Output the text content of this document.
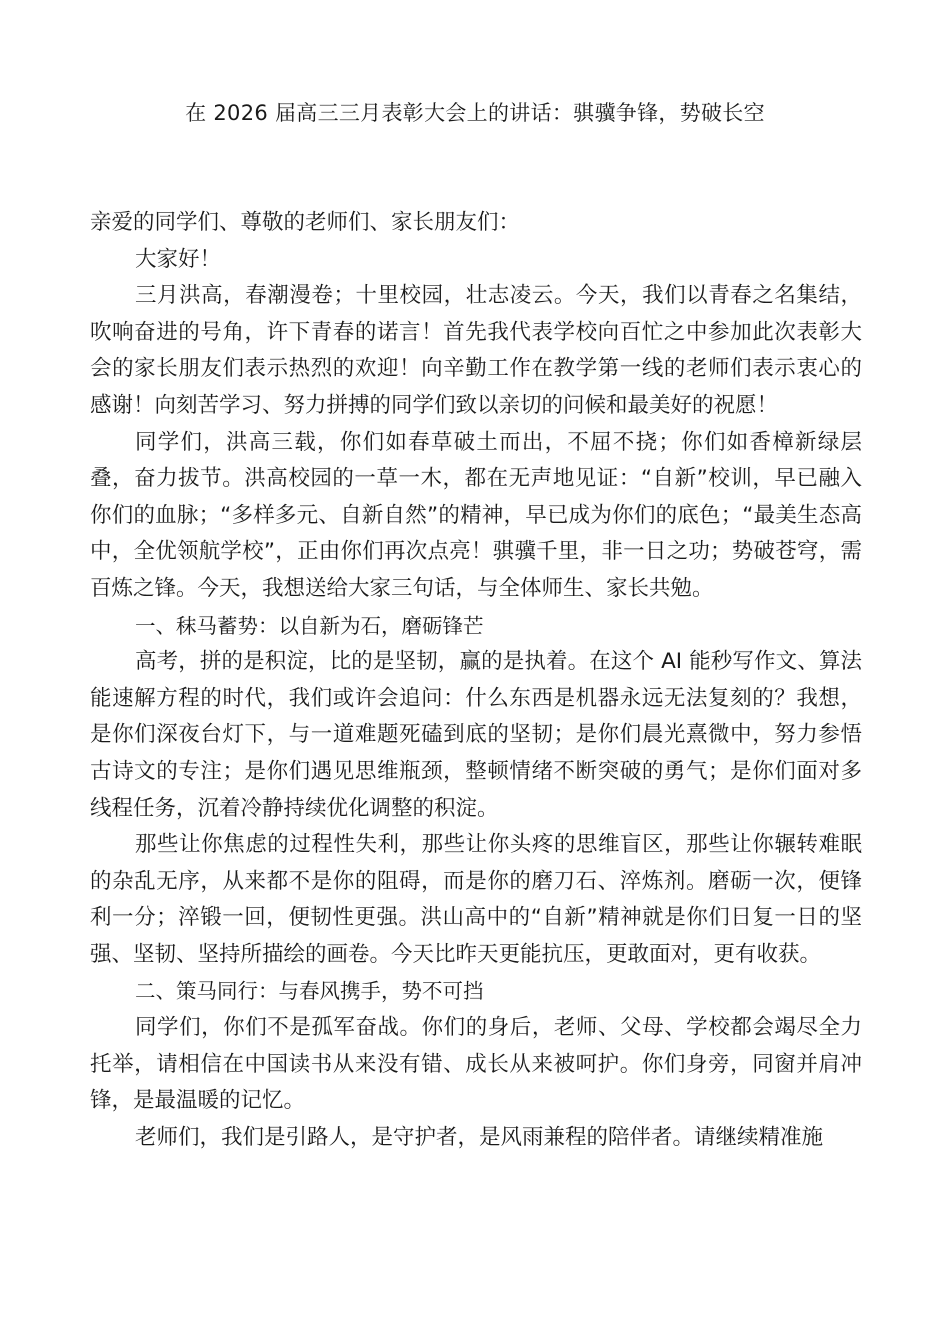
在 2026 届高三三月表彰大会上的讲话：骐骥争锋，势破长空

亲爱的同学们、尊敬的老师们、家长朋友们：

大家好！

三月洪高，春潮漫卷；十里校园，壮志凌云。今天，我们以青春之名集结，吹响奋进的号角，许下青春的诺言！首先我代表学校向百忙之中参加此次表彰大会的家长朋友们表示热烈的欢迎！向辛勤工作在教学第一线的老师们表示衷心的感谢！向刻苦学习、努力拼搏的同学们致以亲切的问候和最美好的祝愿！

同学们，洪高三载，你们如春草破土而出，不屈不挠；你们如香樟新绿层叠，奋力拔节。洪高校园的一草一木，都在无声地见证：“自新”校训，早已融入你们的血脉；“多样多元、自新自然”的精神，早已成为你们的底色；“最美生态高中，全优领航学校”，正由你们再次点亮！骐骥千里，非一日之功；势破苍穹，需百炼之锋。今天，我想送给大家三句话，与全体师生、家长共勉。

一、秣马蓄势：以自新为石，磨砺锋芒

高考，拼的是积淀，比的是坚韧，赢的是执着。在这个 AI 能秒写作文、算法能速解方程的时代，我们或许会追问：什么东西是机器永远无法复刻的？我想，是你们深夜台灯下，与一道难题死磕到底的坚韧；是你们晨光熹微中，努力参悟古诗文的专注；是你们遇见思维瓶颈，整顿情绪不断突破的勇气；是你们面对多线程任务，沉着冷静持续优化调整的积淀。

那些让你焦虑的过程性失利，那些让你头疼的思维盲区，那些让你辗转难眠的杂乱无序，从来都不是你的阻碍，而是你的磨刀石、淬炼剂。磨砺一次，便锋利一分；淬锻一回，便韧性更强。洪山高中的“自新”精神就是你们日复一日的坚强、坚韧、坚持所描绘的画卷。今天比昨天更能抗压，更敢面对，更有收获。

二、策马同行：与春风携手，势不可挡

同学们，你们不是孤军奋战。你们的身后，老师、父母、学校都会竭尽全力托举，请相信在中国读书从来没有错、成长从来被呵护。你们身旁，同窗并肩冲锋，是最温暖的记忆。

老师们，我们是引路人，是守护者，是风雨兼程的陪伴者。请继续精准施
